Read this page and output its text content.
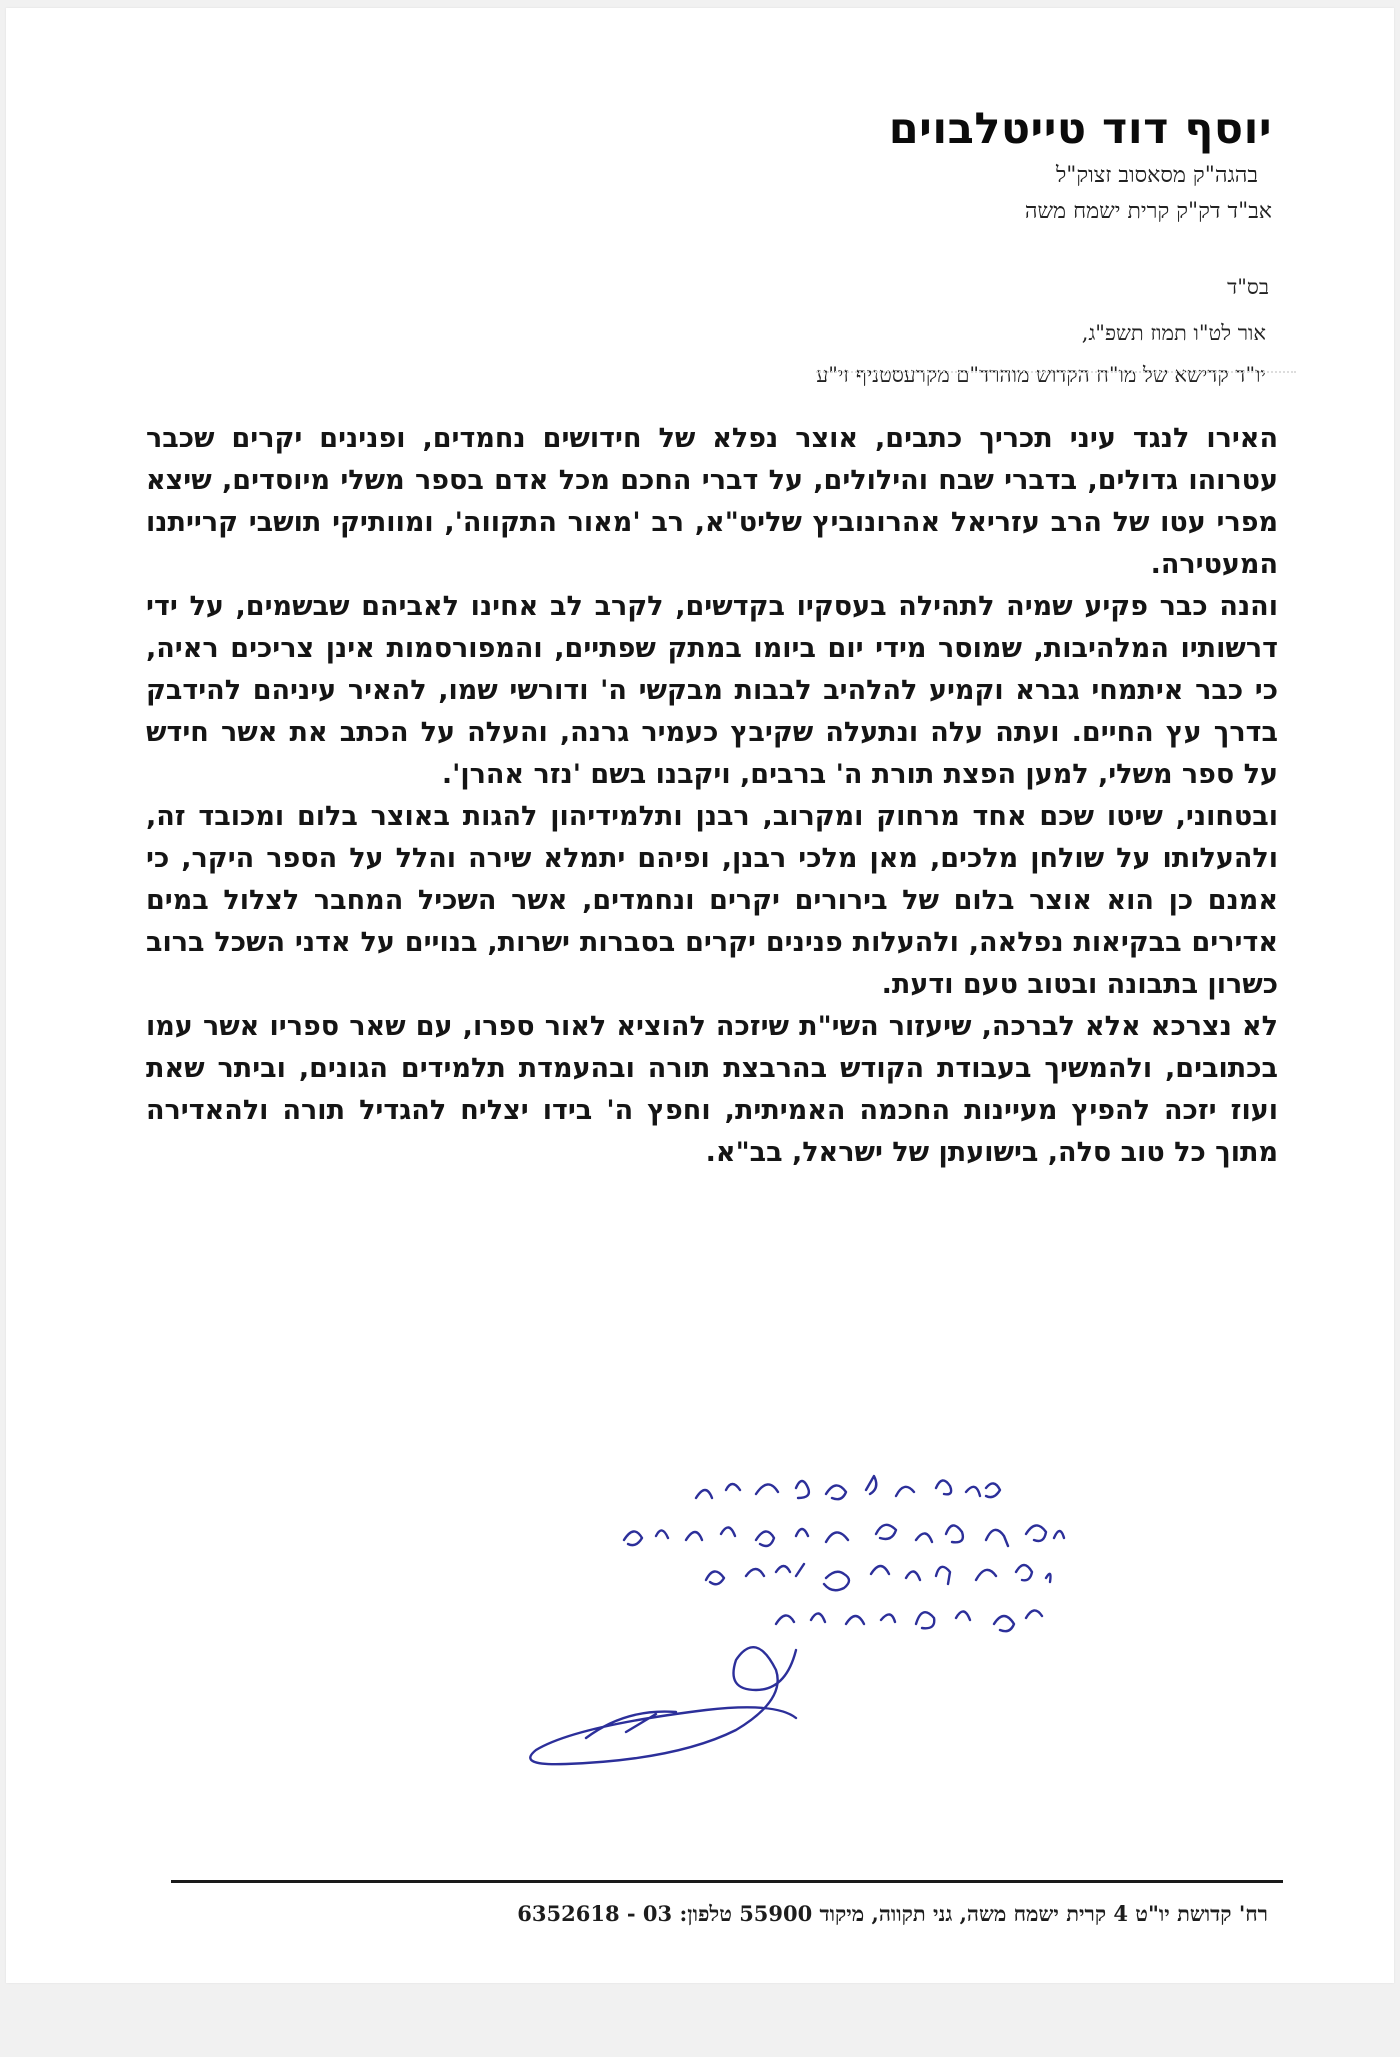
יוסף דוד טייטלבוים
בהגה"ק מסאסוב זצוק"ל
אב"ד דק"ק קרית ישמח משה
בס"ד
אור לט"ו תמוז תשפ"ג,
יו"ד קדישא של מו"ח הקדוש מוהרד"ם מקרעסטניף זי"ע

האירו לנגד עיני תכריך כתבים, אוצר נפלא של חידושים נחמדים, ופנינים יקרים שכבר עטרוהו גדולים, בדברי שבח והילולים, על דברי החכם מכל אדם בספר משלי מיוסדים, שיצא מפרי עטו של הרב עזריאל אהרונוביץ שליט"א, רב 'מאור התקווה', ומוותיקי תושבי קרייתנו המעטירה.

והנה כבר פקיע שמיה לתהילה בעסקיו בקדשים, לקרב לב אחינו לאביהם שבשמים, על ידי דרשותיו המלהיבות, שמוסר מידי יום ביומו במתק שפתיים, והמפורסמות אינן צריכים ראיה, כי כבר איתמחי גברא וקמיע להלהיב לבבות מבקשי ה' ודורשי שמו, להאיר עיניהם להידבק בדרך עץ החיים. ועתה עלה ונתעלה שקיבץ כעמיר גרנה, והעלה על הכתב את אשר חידש על ספר משלי, למען הפצת תורת ה' ברבים, ויקבנו בשם 'נזר אהרן'.

ובטחוני, שיטו שכם אחד מרחוק ומקרוב, רבנן ותלמידיהון להגות באוצר בלום ומכובד זה, ולהעלותו על שולחן מלכים, מאן מלכי רבנן, ופיהם יתמלא שירה והלל על הספר היקר, כי אמנם כן הוא אוצר בלום של בירורים יקרים ונחמדים, אשר השכיל המחבר לצלול במים אדירים בבקיאות נפלאה, ולהעלות פנינים יקרים בסברות ישרות, בנויים על אדני השכל ברוב כשרון בתבונה ובטוב טעם ודעת.

לא נצרכא אלא לברכה, שיעזור השי"ת שיזכה להוציא לאור ספרו, עם שאר ספריו אשר עמו בכתובים, ולהמשיך בעבודת הקודש בהרבצת תורה ובהעמדת תלמידים הגונים, וביתר שאת ועוז יזכה להפיץ מעיינות החכמה האמיתית, וחפץ ה' בידו יצליח להגדיל תורה ולהאדירה מתוך כל טוב סלה, בישועתן של ישראל, בב"א.

רח' קדושת יו"ט 4 קרית ישמח משה, גני תקווה, מיקוד 55900 טלפון: 03 - 6352618
